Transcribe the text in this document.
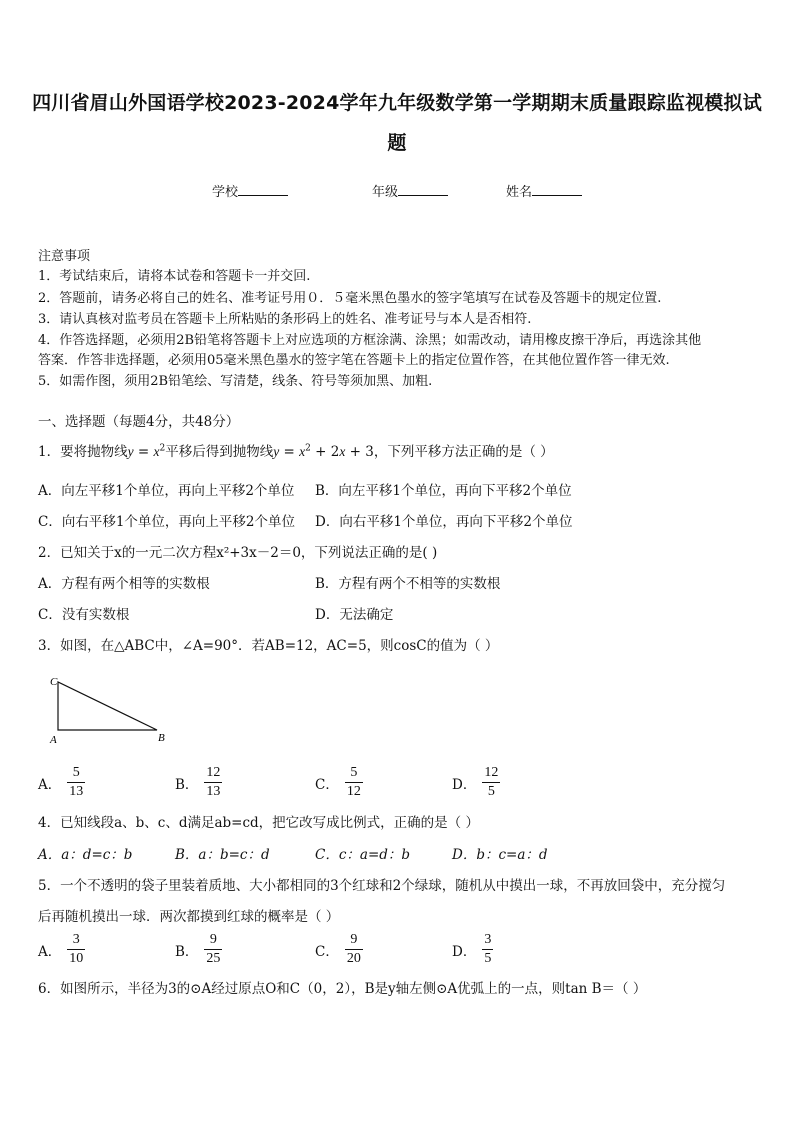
四川省眉山外国语学校2023-2024学年九年级数学第一学期期末质量跟踪监视模拟试
题
学校	年级	姓名
注意事项
1．考试结束后，请将本试卷和答题卡一并交回.
2．答题前，请务必将自己的姓名、准考证号用０．５毫米黑色墨水的签字笔填写在试卷及答题卡的规定位置.
3．请认真核对监考员在答题卡上所粘贴的条形码上的姓名、准考证号与本人是否相符.
4．作答选择题，必须用2B铅笔将答题卡上对应选项的方框涂满、涂黑；如需改动，请用橡皮擦干净后，再选涂其他
答案．作答非选择题，必须用05毫米黑色墨水的签字笔在答题卡上的指定位置作答，在其他位置作答一律无效.
5．如需作图，须用2B铅笔绘、写清楚，线条、符号等须加黑、加粗.
一、选择题（每题4分，共48分）
1．要将抛物线$y = x^2$平移后得到抛物线$y = x^2 + 2x + 3$，下列平移方法正确的是（ ）
A．向左平移1个单位，再向上平移2个单位 B．向左平移1个单位，再向下平移2个单位
C．向右平移1个单位，再向上平移2个单位 D．向右平移1个单位，再向下平移2个单位
2．已知关于x的一元二次方程x²+3x－2＝0，下列说法正确的是( )
A．方程有两个相等的实数根	B．方程有两个不相等的实数根
C．没有实数根	D．无法确定
3．如图，在△ABC中，∠A=90°．若AB=12，AC=5，则cosC的值为（ ）
C
A	B
A． $\frac{5}{13}$	B． $\frac{12}{13}$	C． $\frac{5}{12}$	D． $\frac{12}{5}$
4．已知线段a、b、c、d满足ab=cd，把它改写成比例式，正确的是（ ）
A．a：d=c：b	B．a：b=c：d	C．c：a=d：b	D．b：c=a：d
5．一个不透明的袋子里装着质地、大小都相同的3个红球和2个绿球，随机从中摸出一球，不再放回袋中，充分搅匀
后再随机摸出一球．两次都摸到红球的概率是（ ）
A． $\frac{3}{10}$	B． $\frac{9}{25}$	C． $\frac{9}{20}$	D． $\frac{3}{5}$
6．如图所示，半径为3的⊙A经过原点O和C（0，2），B是y轴左侧⊙A优弧上的一点，则tan B＝（ ）
